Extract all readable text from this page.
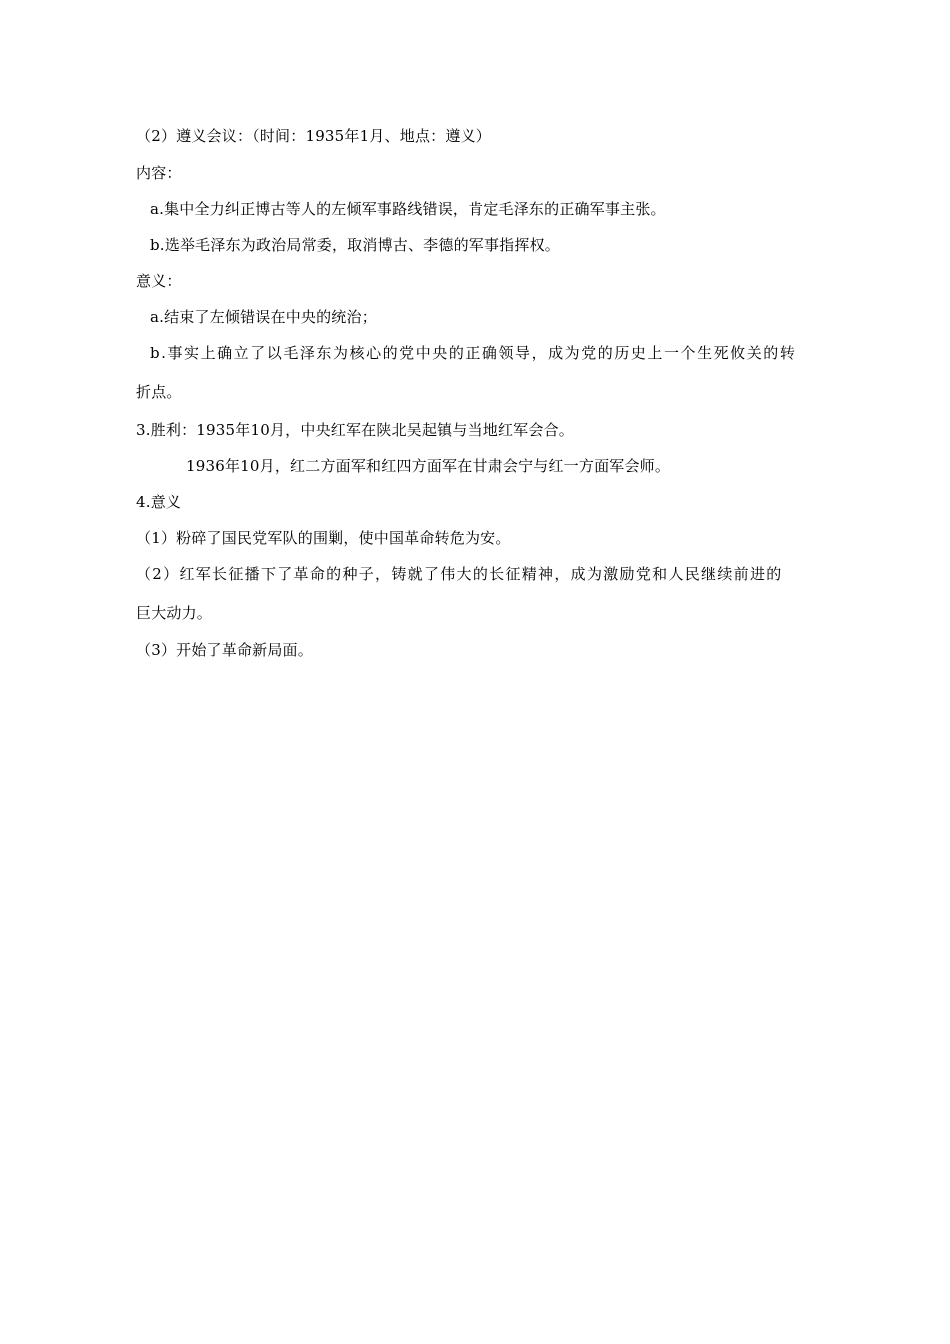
（2）遵义会议：（时间：1935年1月、地点：遵义）
内容：
a.集中全力纠正博古等人的左倾军事路线错误，肯定毛泽东的正确军事主张。
b.选举毛泽东为政治局常委，取消博古、李德的军事指挥权。
意义：
a.结束了左倾错误在中央的统治；
b.事实上确立了以毛泽东为核心的党中央的正确领导，成为党的历史上一个生死攸关的转
折点。
3.胜利：1935年10月，中央红军在陕北吴起镇与当地红军会合。
1936年10月，红二方面军和红四方面军在甘肃会宁与红一方面军会师。
4.意义
（1）粉碎了国民党军队的围剿，使中国革命转危为安。
（2）红军长征播下了革命的种子，铸就了伟大的长征精神，成为激励党和人民继续前进的
巨大动力。
（3）开始了革命新局面。
